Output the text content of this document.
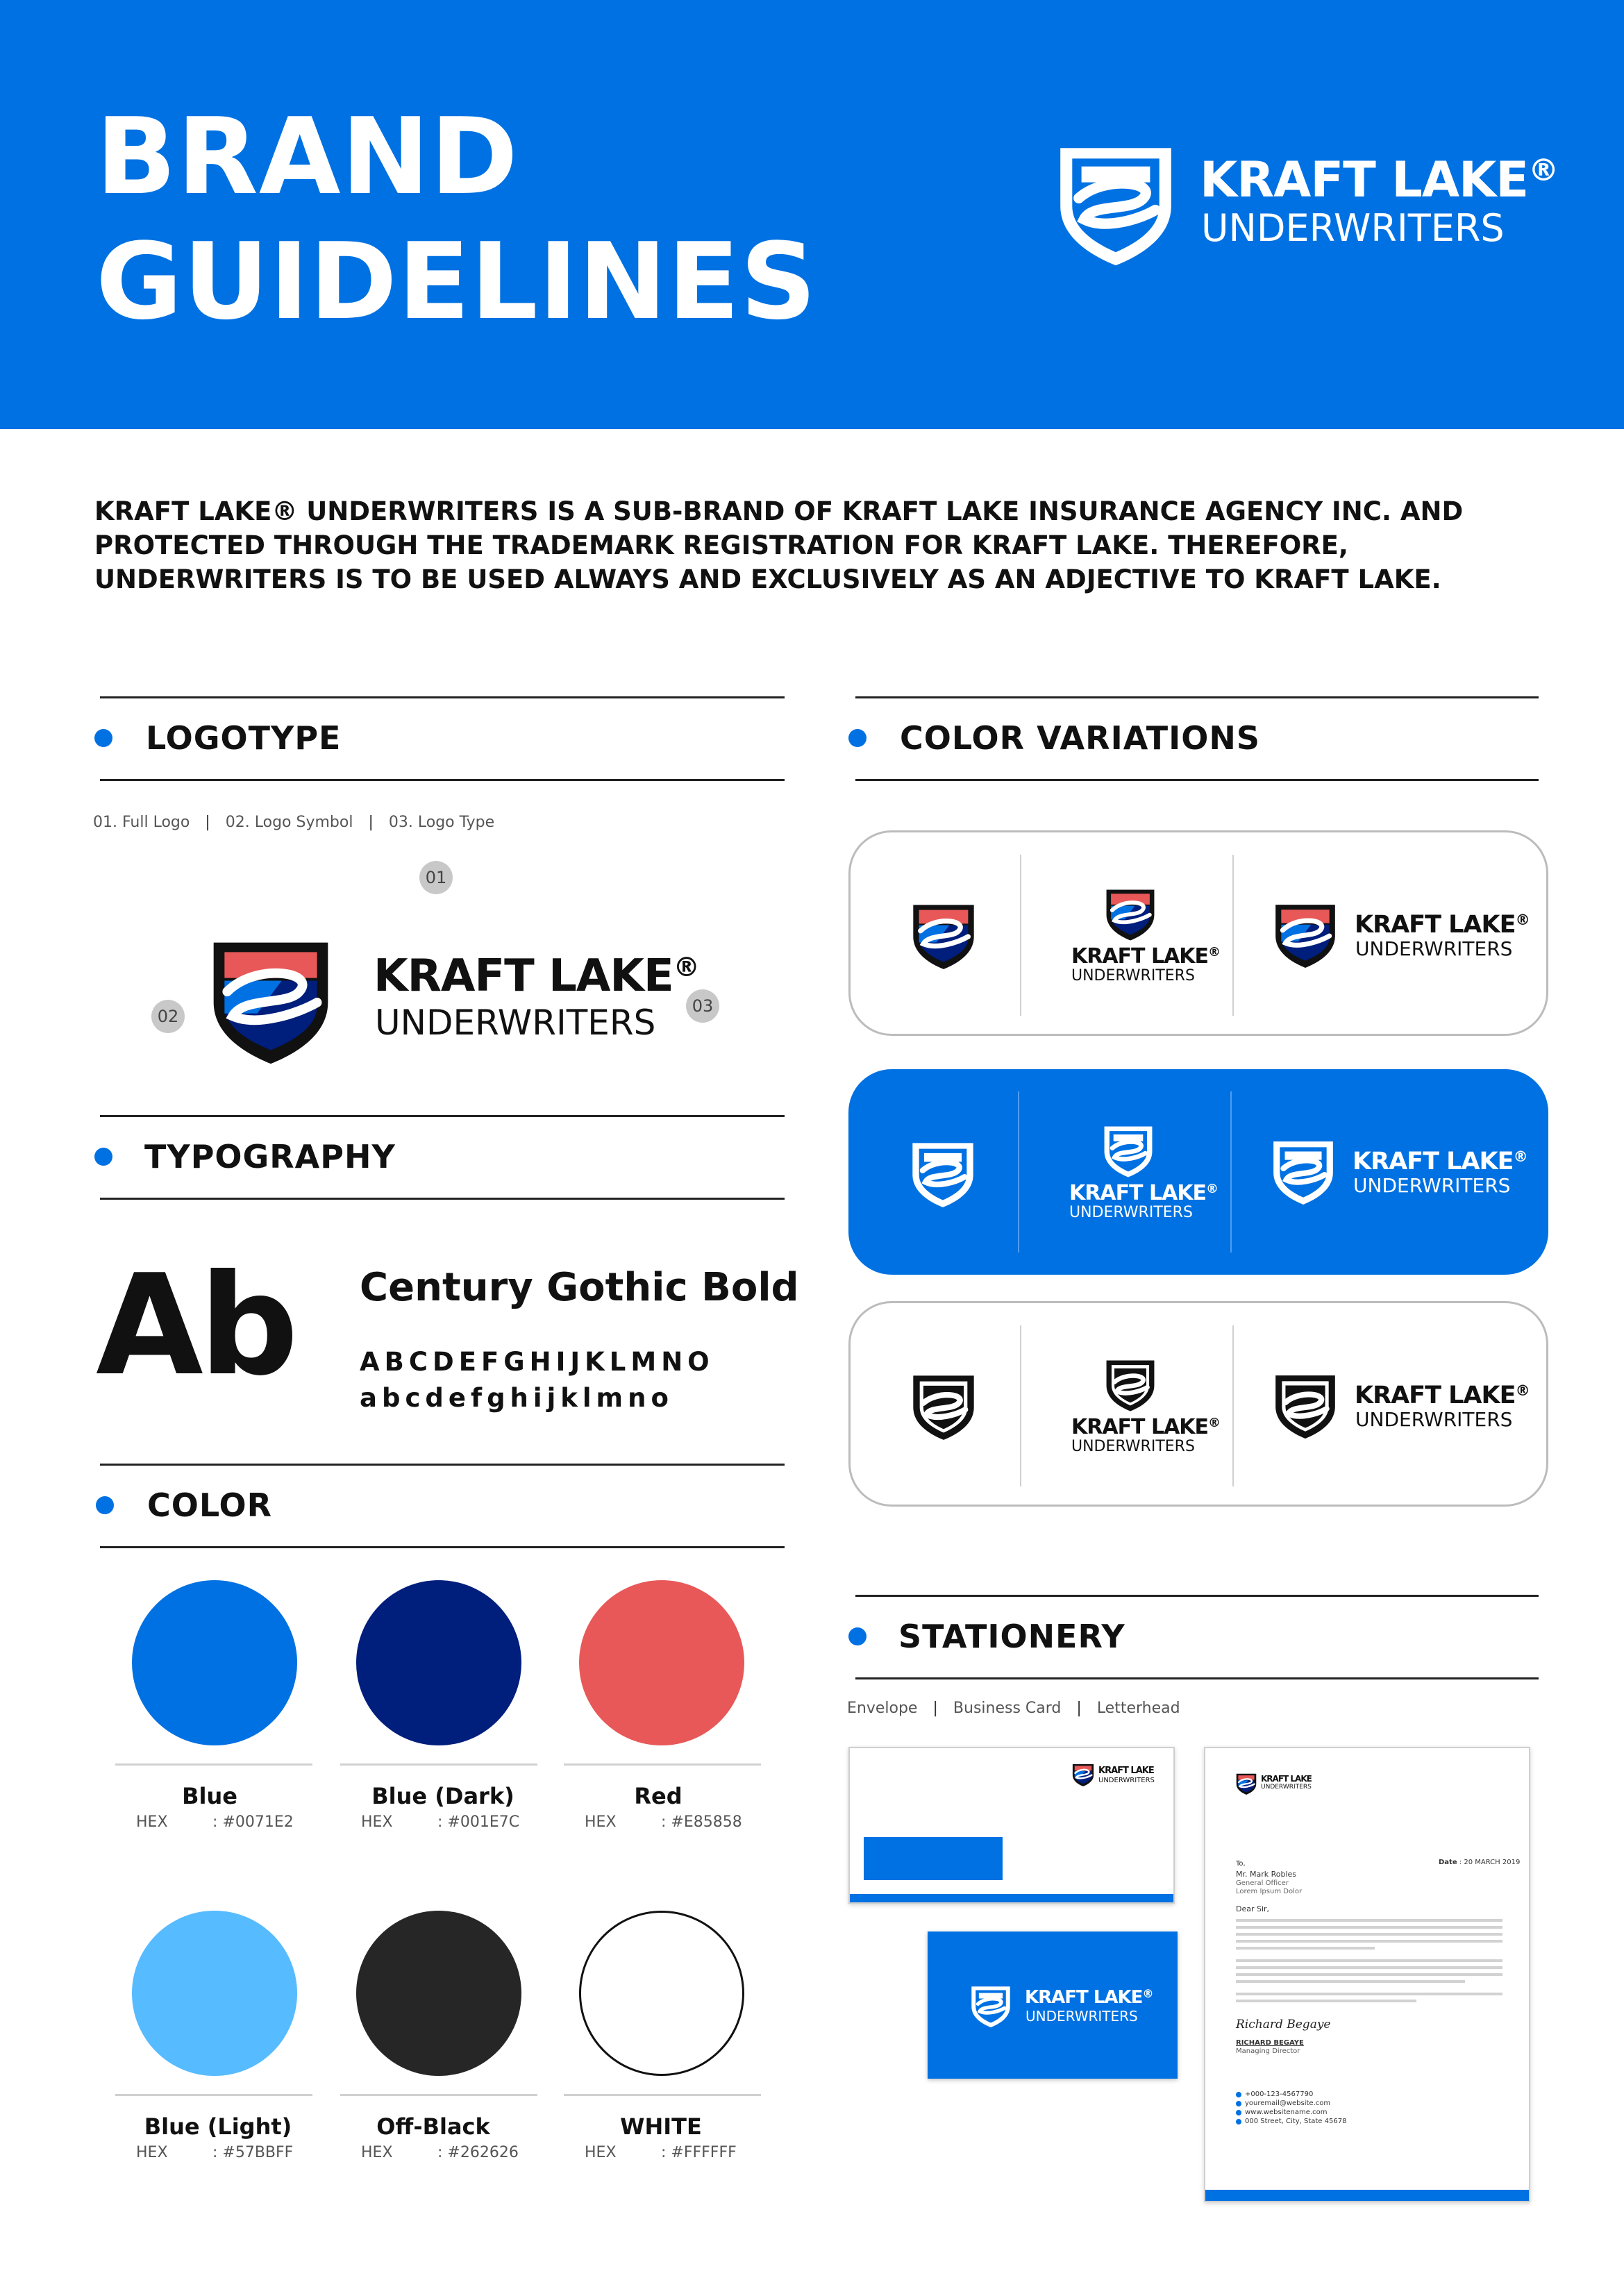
BRAND
GUIDELINES
KRAFT LAKE®
UNDERWRITERS
KRAFT LAKE® UNDERWRITERS IS A SUB-BRAND OF KRAFT LAKE INSURANCE AGENCY INC. AND PROTECTED THROUGH THE TRADEMARK REGISTRATION FOR KRAFT LAKE. THEREFORE, UNDERWRITERS IS TO BE USED ALWAYS AND EXCLUSIVELY AS AN ADJECTIVE TO KRAFT LAKE.
LOGOTYPE
01. Full Logo | 02. Logo Symbol | 03. Logo Type
01
02
03
KRAFT LAKE®
UNDERWRITERS
TYPOGRAPHY
Ab Century Gothic Bold
ABCDEFGHIJKLMNO
abcdefghijklmno
COLOR
Blue
HEX	: #0071E2
Blue (Dark)
HEX	: #001E7C
Red
HEX	: #E85858
Blue (Light)
HEX	: #57BBFF
Off-Black
HEX	: #262626
WHITE
HEX	: #FFFFFF
COLOR VARIATIONS
KRAFT LAKE®
UNDERWRITERS
KRAFT LAKE®
UNDERWRITERS
KRAFT LAKE®
UNDERWRITERS
KRAFT LAKE®
UNDERWRITERS
KRAFT LAKE®
UNDERWRITERS
KRAFT LAKE®
UNDERWRITERS
STATIONERY
Envelope | Business Card | Letterhead
KRAFT LAKE
UNDERWRITERS
KRAFT LAKE®
UNDERWRITERS
KRAFT LAKE
UNDERWRITERS
Date : 20 MARCH 2019
To,
Mr. Mark Robles
General Officer
Lorem Ipsum Dolor
Dear Sir,
Richard Begaye
RICHARD BEGAYE
Managing Director
+000-123-4567790
youremail@website.com
www.websitename.com
000 Street, City, State 45678
